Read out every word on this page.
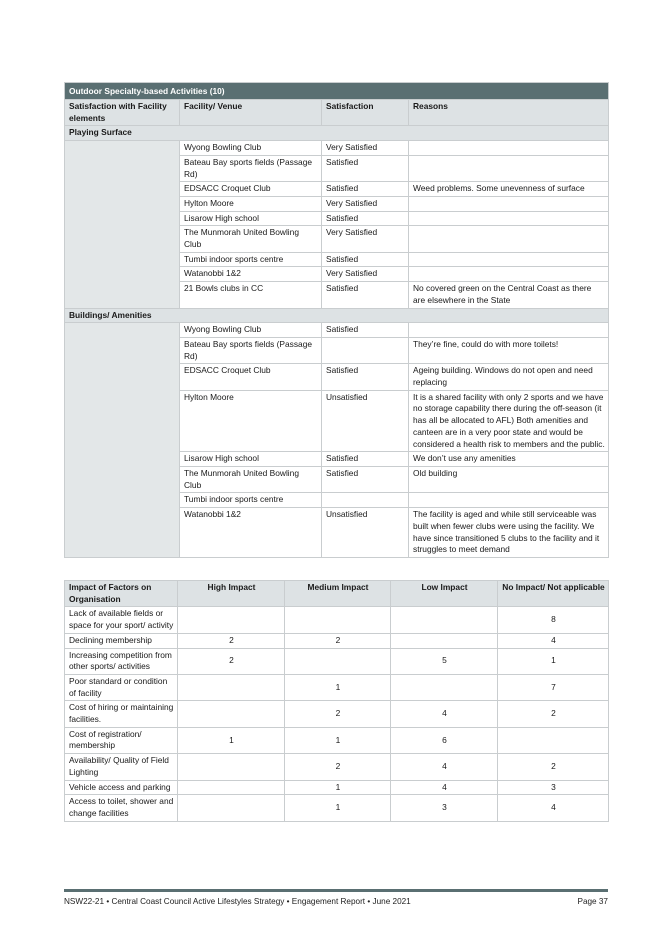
Outdoor Specialty-based Activities (10)			
Satisfaction with Facility elements	Facility/ Venue	Satisfaction	Reasons
Playing Surface			
	Wyong Bowling Club	Very Satisfied	
	Bateau Bay sports fields (Passage Rd)	Satisfied	
	EDSACC Croquet Club	Satisfied	Weed problems. Some unevenness of surface
	Hylton Moore	Very Satisfied	
	Lisarow High school	Satisfied	
	The Munmorah United Bowling Club	Very Satisfied	
	Tumbi indoor sports centre	Satisfied	
	Watanobbi 1&2	Very Satisfied	
	21 Bowls clubs in CC	Satisfied	No covered green on the Central Coast as there are elsewhere in the State
Buildings/ Amenities			
	Wyong Bowling Club	Satisfied	
	Bateau Bay sports fields (Passage Rd)		They’re fine, could do with more toilets!
	EDSACC Croquet Club	Satisfied	Ageing building. Windows do not open and need replacing
	Hylton Moore	Unsatisfied	It is a shared facility with only 2 sports and we have no storage capability there during the off-season (it has all be allocated to AFL) Both amenities and canteen are in a very poor state and would be considered a health risk to members and the public.
	Lisarow High school	Satisfied	We don’t use any amenities
	The Munmorah United Bowling Club	Satisfied	Old building
	Tumbi indoor sports centre		
	Watanobbi 1&2	Unsatisfied	The facility is aged and while still serviceable was built when fewer clubs were using the facility. We have since transitioned 5 clubs to the facility and it struggles to meet demand
Impact of Factors on Organisation	High Impact	Medium Impact	Low Impact	No Impact/ Not applicable
Lack of available fields or space for your sport/ activity				8
Declining membership	2	2		4
Increasing competition from other sports/ activities	2		5	1
Poor standard or condition of facility		1		7
Cost of hiring or maintaining facilities.		2	4	2
Cost of registration/ membership	1	1	6	
Availability/ Quality of Field Lighting		2	4	2
Vehicle access and parking		1	4	3
Access to toilet, shower and change facilities		1	3	4
NSW22-21 • Central Coast Council Active Lifestyles Strategy • Engagement Report • June 2021	Page 37
